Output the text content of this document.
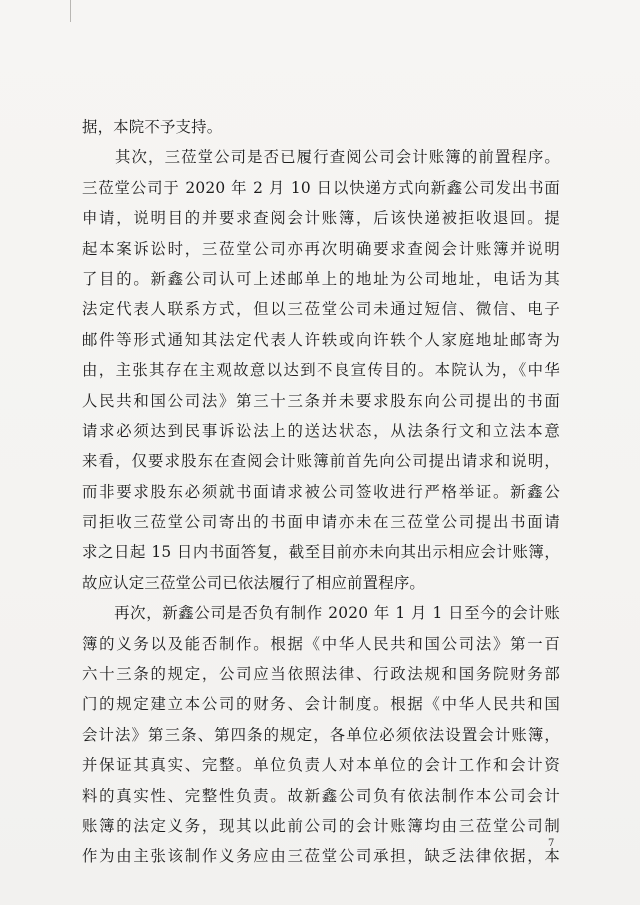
据，本院不予支持。
　　其次，三莅堂公司是否已履行查阅公司会计账簿的前置程序。
三莅堂公司于 2020 年 2 月 10 日以快递方式向新鑫公司发出书面
申请，说明目的并要求查阅会计账簿，后该快递被拒收退回。提
起本案诉讼时，三莅堂公司亦再次明确要求查阅会计账簿并说明
了目的。新鑫公司认可上述邮单上的地址为公司地址，电话为其
法定代表人联系方式，但以三莅堂公司未通过短信、微信、电子
邮件等形式通知其法定代表人许轶或向许轶个人家庭地址邮寄为
由，主张其存在主观故意以达到不良宣传目的。本院认为，《中华
人民共和国公司法》第三十三条并未要求股东向公司提出的书面
请求必须达到民事诉讼法上的送达状态，从法条行文和立法本意
来看，仅要求股东在查阅会计账簿前首先向公司提出请求和说明，
而非要求股东必须就书面请求被公司签收进行严格举证。新鑫公
司拒收三莅堂公司寄出的书面申请亦未在三莅堂公司提出书面请
求之日起 15 日内书面答复，截至目前亦未向其出示相应会计账簿，
故应认定三莅堂公司已依法履行了相应前置程序。
　　再次，新鑫公司是否负有制作 2020 年 1 月 1 日至今的会计账
簿的义务以及能否制作。根据《中华人民共和国公司法》第一百
六十三条的规定，公司应当依照法律、行政法规和国务院财务部
门的规定建立本公司的财务、会计制度。根据《中华人民共和国
会计法》第三条、第四条的规定，各单位必须依法设置会计账簿，
并保证其真实、完整。单位负责人对本单位的会计工作和会计资
料的真实性、完整性负责。故新鑫公司负有依法制作本公司会计
账簿的法定义务，现其以此前公司的会计账簿均由三莅堂公司制
作为由主张该制作义务应由三莅堂公司承担，缺乏法律依据，本
7
